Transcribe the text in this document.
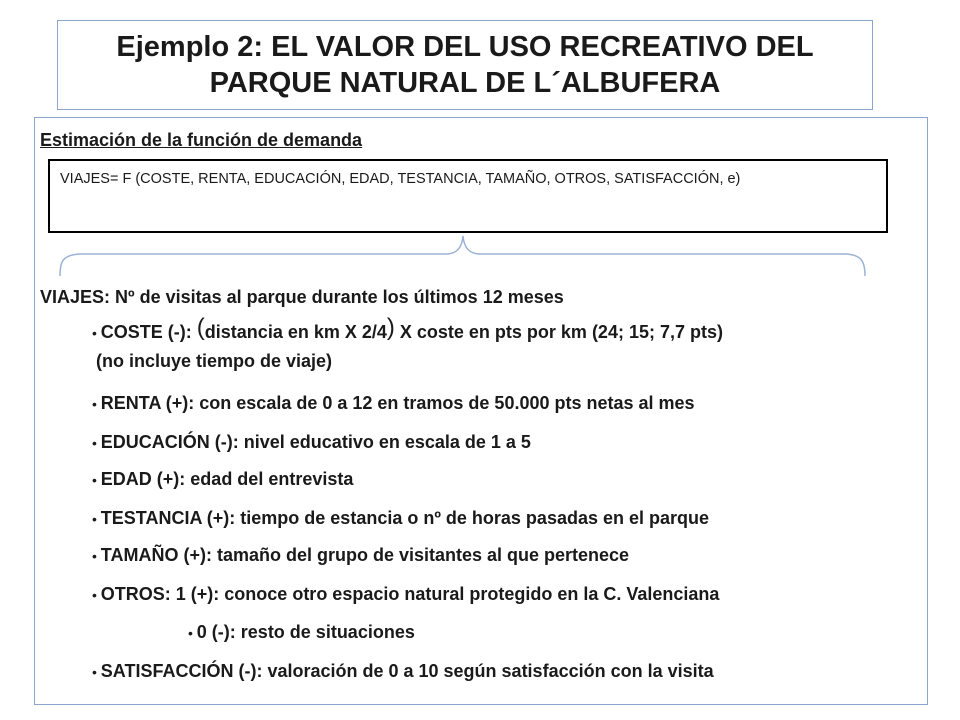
Ejemplo 2: EL VALOR DEL USO RECREATIVO DEL
PARQUE NATURAL DE L´ALBUFERA
Estimación de la función de demanda
VIAJES= F (COSTE, RENTA, EDUCACIÓN, EDAD, TESTANCIA, TAMAÑO, OTROS, SATISFACCIÓN, e)
VIAJES: Nº de visitas al parque durante los últimos 12 meses
• COSTE (-): (distancia en km X 2/4) X coste en pts por km (24; 15; 7,7 pts)
(no incluye tiempo de viaje)
• RENTA (+): con escala de 0 a 12 en tramos de 50.000 pts netas al mes
• EDUCACIÓN (-): nivel educativo en escala de 1 a 5
• EDAD (+): edad del entrevista
• TESTANCIA (+): tiempo de estancia o nº de horas pasadas en el parque
• TAMAÑO (+): tamaño del grupo de visitantes al que pertenece
• OTROS: 1 (+): conoce otro espacio natural protegido en la C. Valenciana
• 0 (-): resto de situaciones
• SATISFACCIÓN (-): valoración de 0 a 10 según satisfacción con la visita
